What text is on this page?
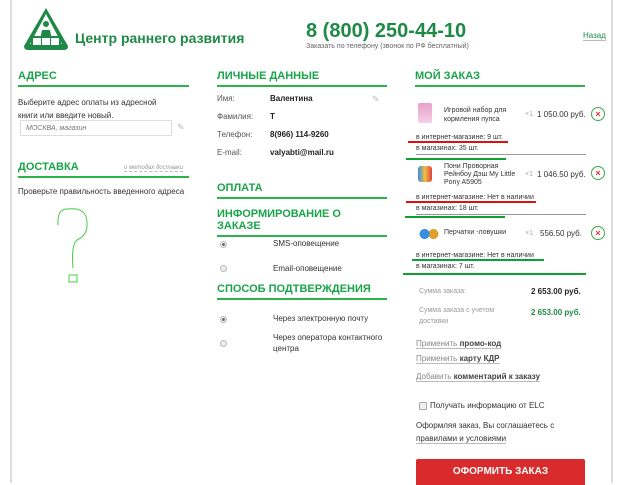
Центр раннего развития	8 (800) 250-44-10
Заказать по телефону (звонок по РФ бесплатный)
Назад
АДРЕС
Выберите адрес оплаты из адресной книги или введите новый.
МОСКВА, магазин
✎
ДОСТАВКА	о методах доставки
Проверьте правильность введенного адреса
ЛИЧНЫЕ ДАННЫЕ
Имя:	Валентина	✎
Фамилия: Т
Телефон: 8(966) 114-9260
E-mail:	valyabti@mail.ru
ОПЛАТА
ИНФОРМИРОВАНИЕ О ЗАКАЗЕ
SMS-оповещение
Email-оповещение
СПОСОБ ПОДТВЕРЖДЕНИЯ
Через электронную почту
Через оператора контактного центра
МОЙ ЗАКАЗ
Игровой набор для кормления пупса
×1 1 050.00 руб.	×
в интернет-магазине: 9 шт.
в магазинах: 35 шт.
Пони Проворная Рейнбоу Дэш My Little Pony A5905
×1 1 046.50 руб.	×
в интернет-магазине: Нет в наличии
в магазинах: 18 шт.
Перчатки -ловушки	×1 556.50 руб.	×
в интернет-магазине: Нет в наличии
в магазинах: 7 шт.
Сумма заказа:	2 653.00 руб.
Сумма заказа с учетом доставки
2 653.00 руб.
Применить промо-код
Применить карту КДР
Добавить комментарий к заказу
Получать информацию от ELC
Оформляя заказ, Вы соглашаетесь с
правилами и условиями
ОФОРМИТЬ ЗАКАЗ
